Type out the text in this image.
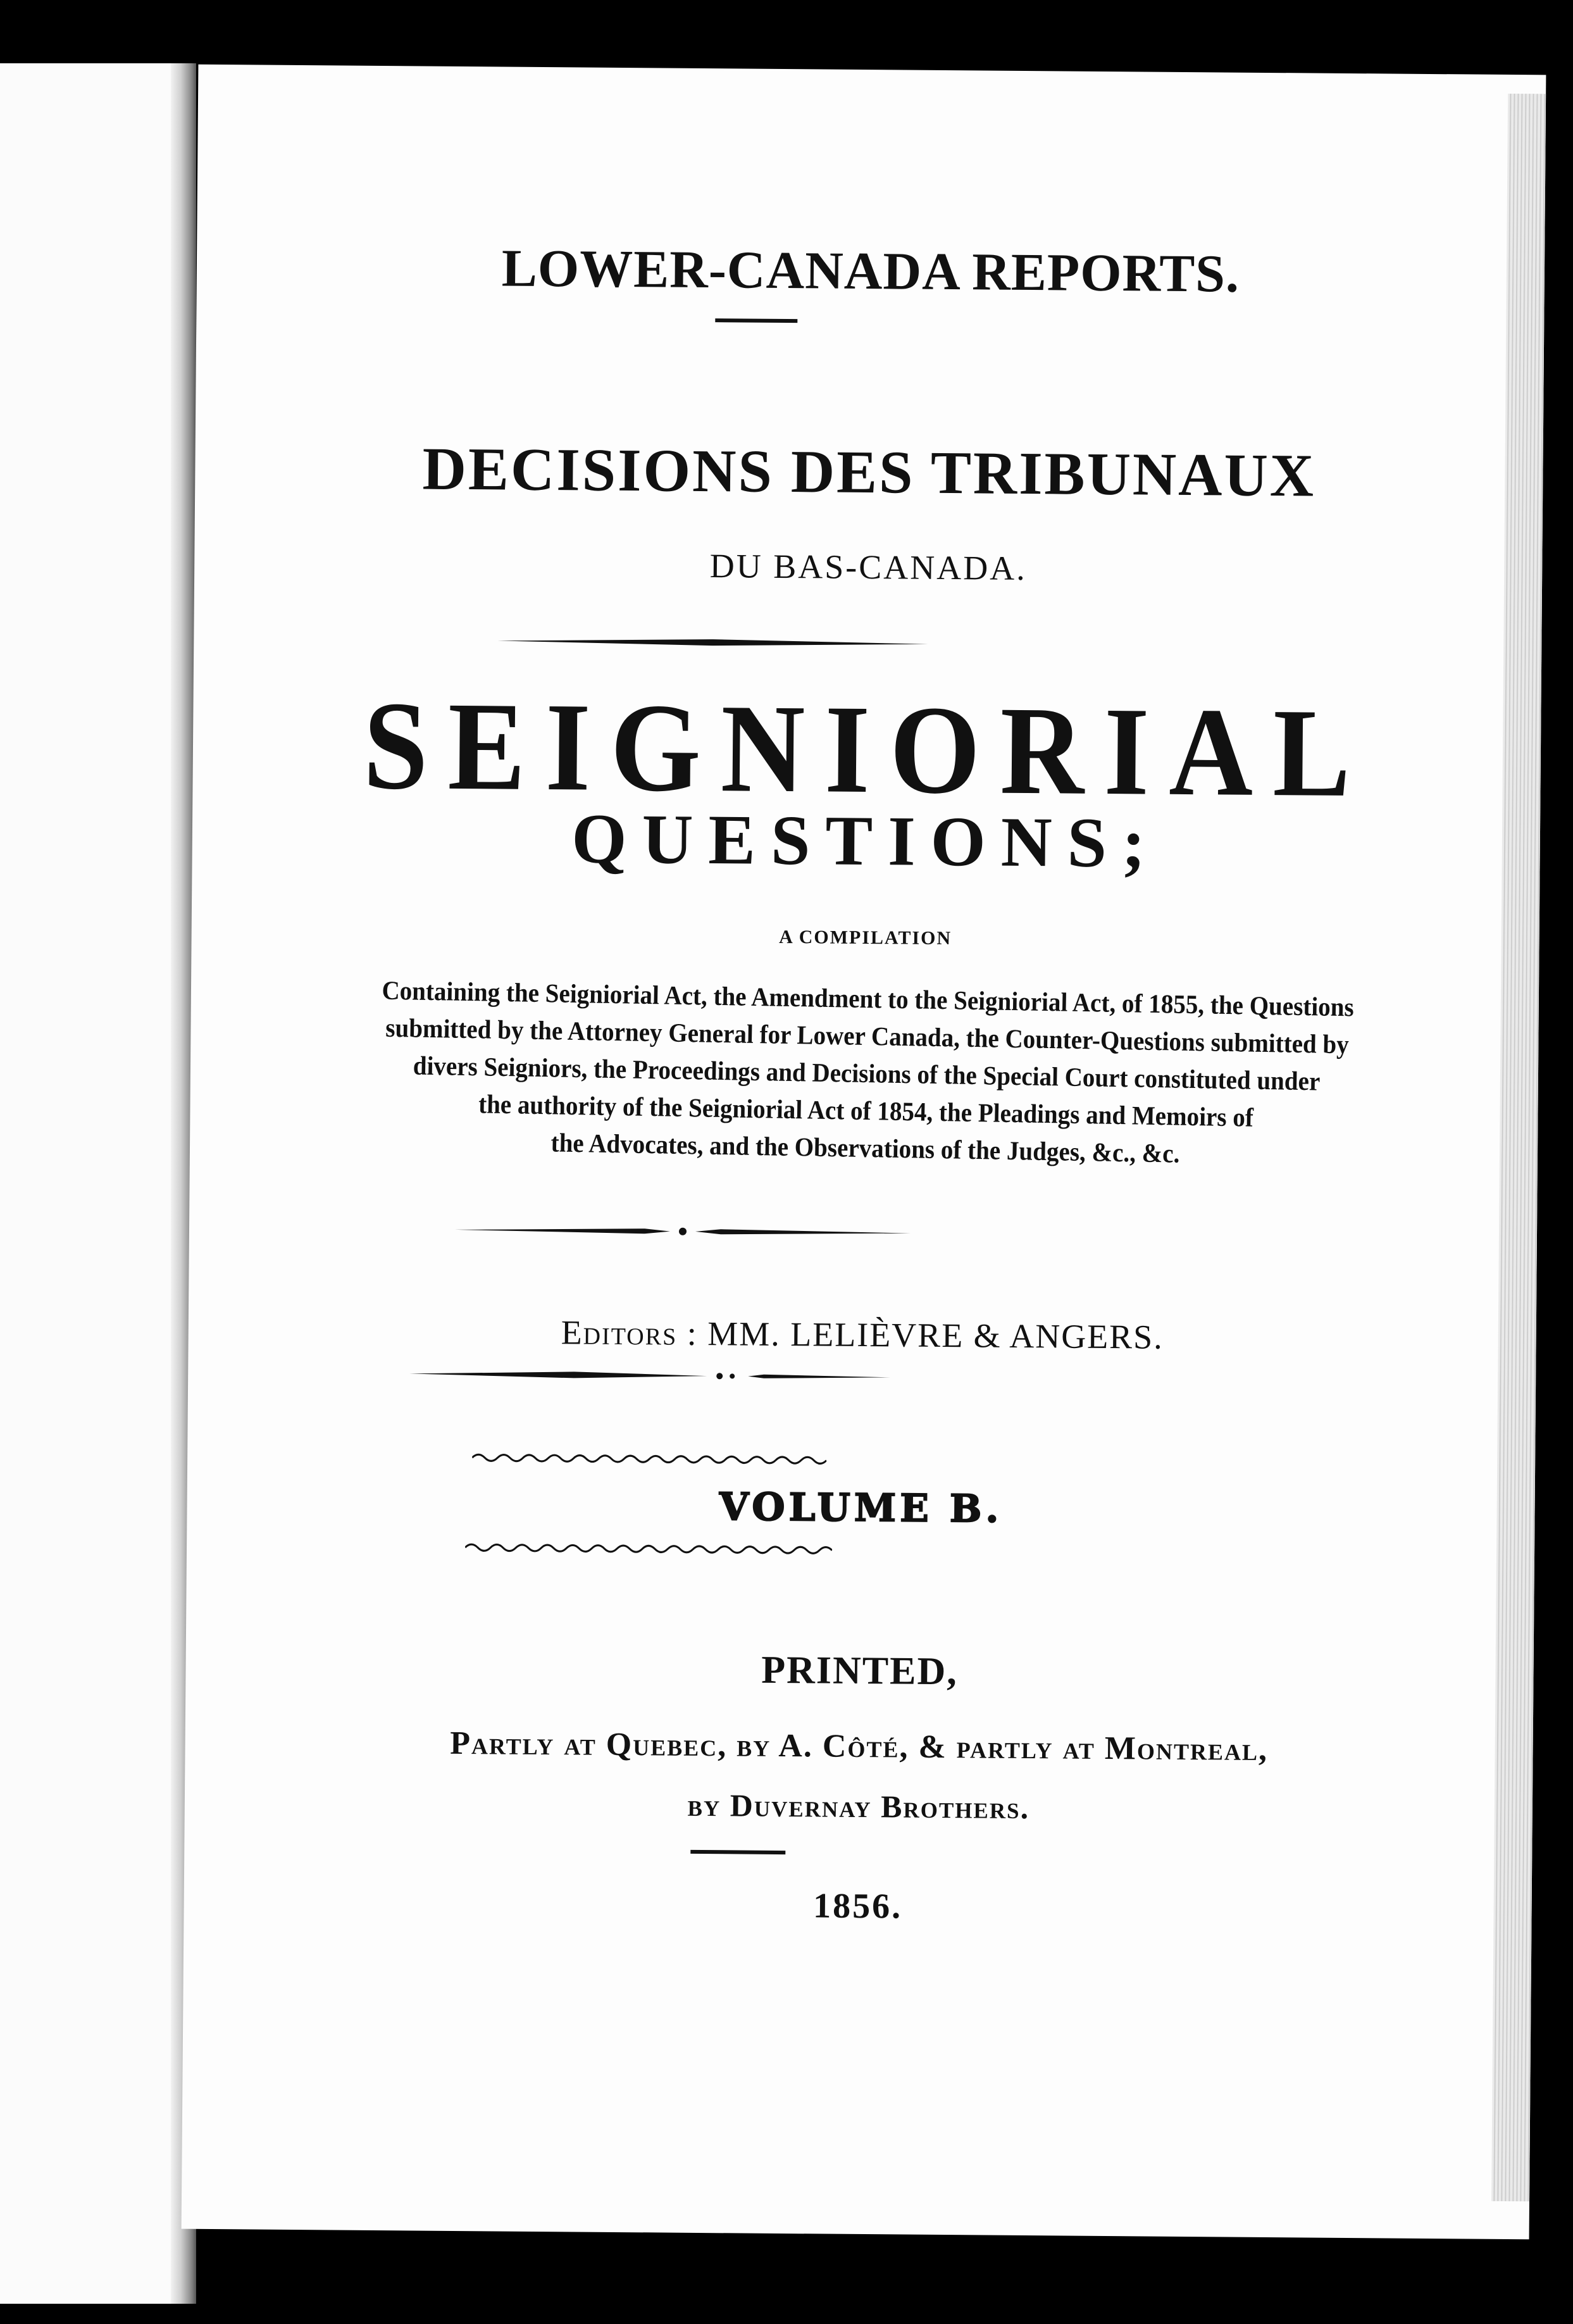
LOWER-CANADA REPORTS.
DECISIONS DES TRIBUNAUX
DU BAS-CANADA.
SEIGNIORIAL
QUESTIONS;
A COMPILATION
Containing the Seigniorial Act, the Amendment to the Seigniorial Act, of 1855, the Questions
submitted by the Attorney General for Lower Canada, the Counter-Questions submitted by
divers Seigniors, the Proceedings and Decisions of the Special Court constituted under
the authority of the Seigniorial Act of 1854, the Pleadings and Memoirs of
the Advocates, and the Observations of the Judges, &c., &c.
Editors : MM. LELIÈVRE & ANGERS.
VOLUME B.
PRINTED,
Partly at Quebec, by A. Côté, & partly at Montreal,
by Duvernay Brothers.
1856.
